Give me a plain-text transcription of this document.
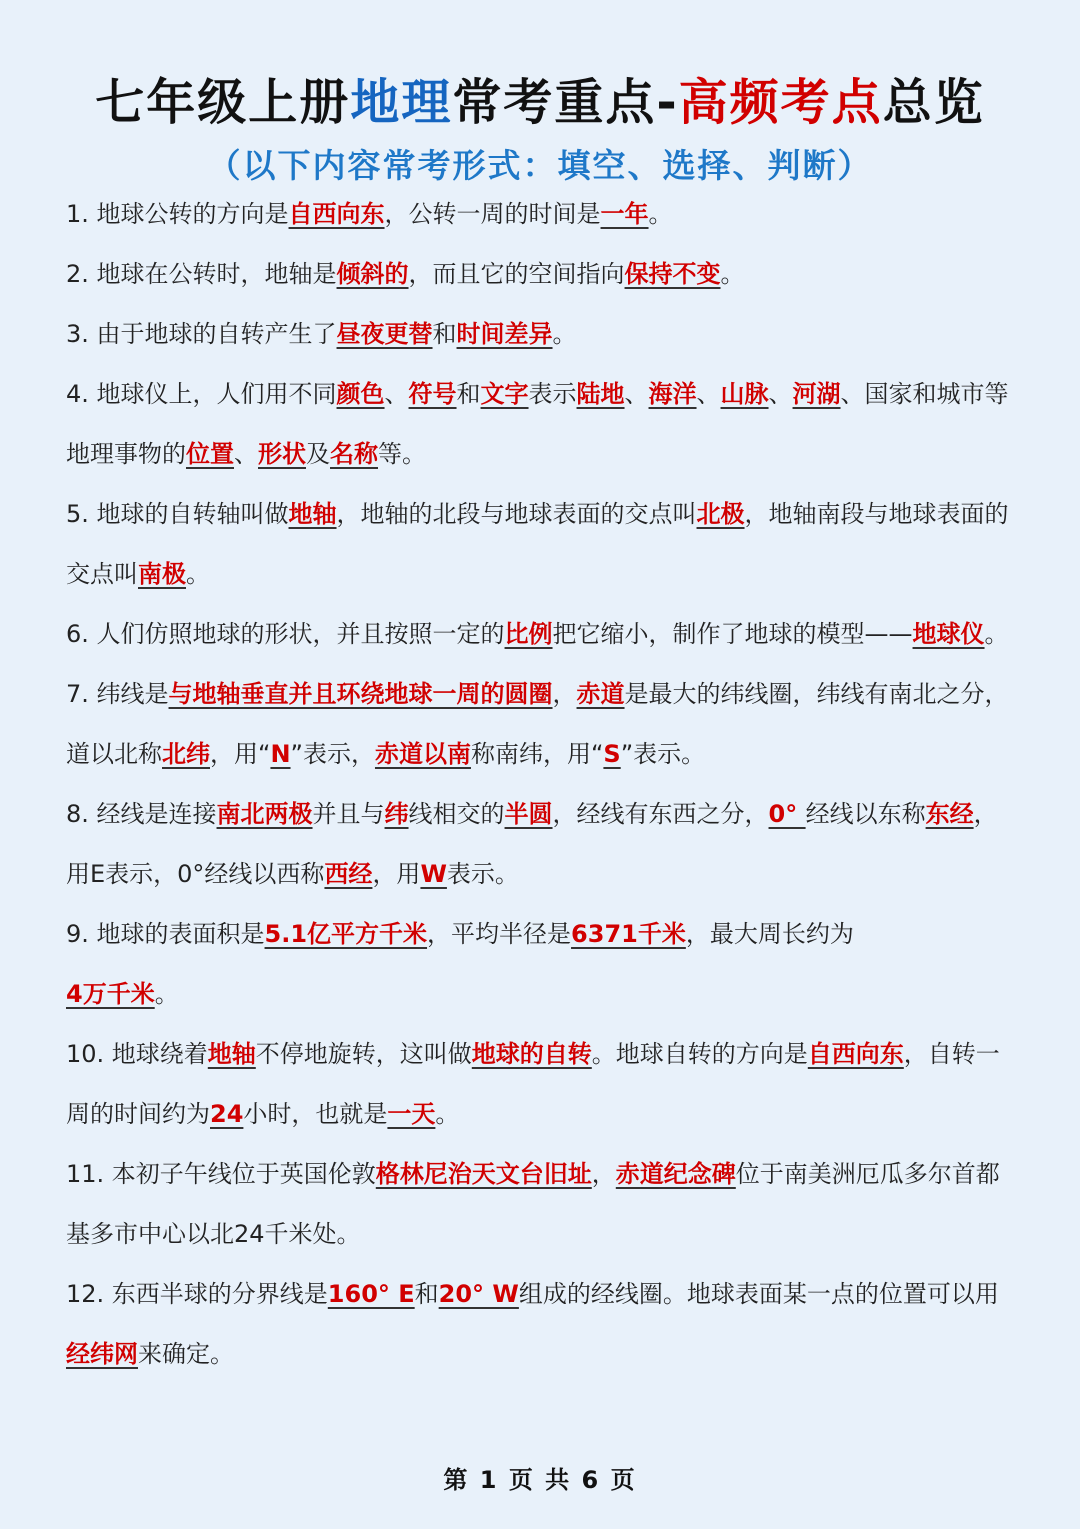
七年级上册地理常考重点-高频考点总览
（以下内容常考形式：填空、选择、判断）

1. 地球公转的方向是自西向东，公转一周的时间是一年。

2. 地球在公转时，地轴是倾斜的，而且它的空间指向保持不变。

3. 由于地球的自转产生了昼夜更替和时间差异。

4. 地球仪上，人们用不同颜色、符号和文字表示陆地、海洋、山脉、河湖、国家和城市等地理事物的位置、形状及名称等。

5. 地球的自转轴叫做地轴，地轴的北段与地球表面的交点叫北极，地轴南段与地球表面的交点叫南极。

6. 人们仿照地球的形状，并且按照一定的比例把它缩小，制作了地球的模型——地球仪。

7. 纬线是与地轴垂直并且环绕地球一周的圆圈，赤道是最大的纬线圈，纬线有南北之分，道以北称北纬，用“N”表示，赤道以南称南纬，用“S”表示。

8. 经线是连接南北两极并且与纬线相交的半圆，经线有东西之分，0° 经线以东称东经，用E表示，0°经线以西称西经，用W表示。

9. 地球的表面积是5.1亿平方千米，平均半径是6371千米，最大周长约为
4万千米。

10. 地球绕着地轴不停地旋转，这叫做地球的自转。地球自转的方向是自西向东，自转一周的时间约为24小时，也就是一天。

11. 本初子午线位于英国伦敦格林尼治天文台旧址，赤道纪念碑位于南美洲厄瓜多尔首都基多市中心以北24千米处。

12. 东西半球的分界线是160° E和20° W组成的经线圈。地球表面某一点的位置可以用经纬网来确定。

第 1 页 共 6 页
